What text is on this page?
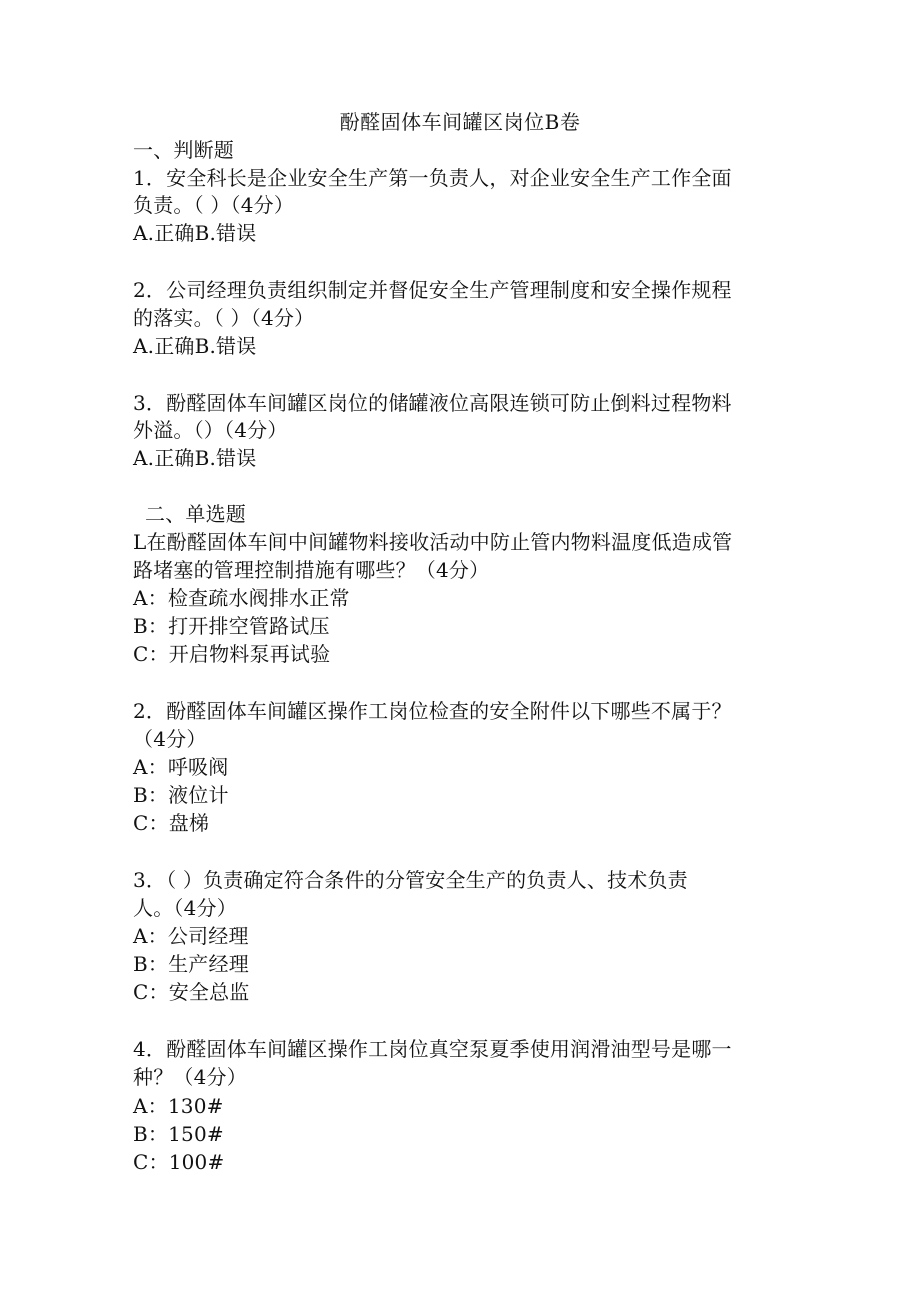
酚醛固体车间罐区岗位B卷
一、判断题
1．安全科长是企业安全生产第一负责人，对企业安全生产工作全面
负责。（ ）（4分）
A.正确B.错误
2．公司经理负责组织制定并督促安全生产管理制度和安全操作规程
的落实。（ ）（4分）
A.正确B.错误
3．酚醛固体车间罐区岗位的储罐液位高限连锁可防止倒料过程物料
外溢。（）（4分）
A.正确B.错误
二、单选题
L在酚醛固体车间中间罐物料接收活动中防止管内物料温度低造成管
路堵塞的管理控制措施有哪些？（4分）
A：检查疏水阀排水正常
B：打开排空管路试压
C：开启物料泵再试验
2．酚醛固体车间罐区操作工岗位检查的安全附件以下哪些不属于？
（4分）
A：呼吸阀
B：液位计
C：盘梯
3．（ ）负责确定符合条件的分管安全生产的负责人、技术负责
人。（4分）
A：公司经理
B：生产经理
C：安全总监
4．酚醛固体车间罐区操作工岗位真空泵夏季使用润滑油型号是哪一
种？（4分）
A：130#
B：150#
C：100#
